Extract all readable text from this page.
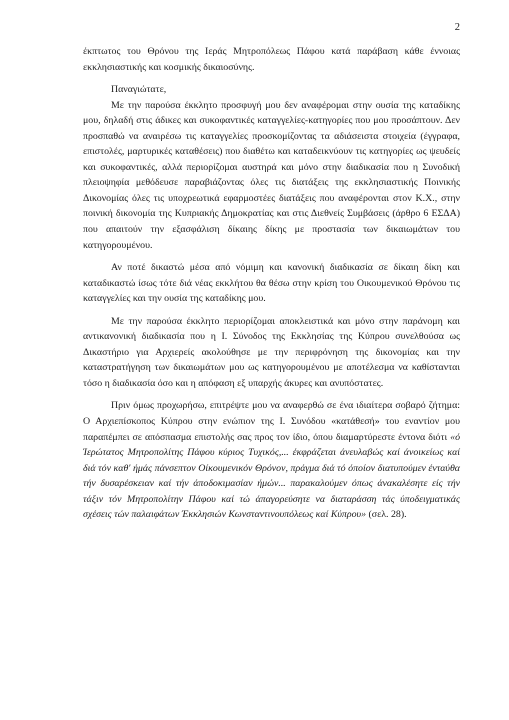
2

έκπτωτος του Θρόνου της Ιεράς Μητροπόλεως Πάφου κατά παράβαση κάθε έννοιας εκκλησιαστικής και κοσμικής δικαιοσύνης.

Παναγιώτατε,

Με την παρούσα έκκλητο προσφυγή μου δεν αναφέρομαι στην ουσία της καταδίκης μου, δηλαδή στις άδικες και συκοφαντικές καταγγελίες-κατηγορίες που μου προσάπτουν. Δεν προσπαθώ να αναιρέσω τις καταγγελίες προσκομίζοντας τα αδιάσειστα στοιχεία (έγγραφα, επιστολές, μαρτυρικές καταθέσεις) που διαθέτω και καταδεικνύουν τις κατηγορίες ως ψευδείς και συκοφαντικές, αλλά περιορίζομαι αυστηρά και μόνο στην διαδικασία που η Συνοδική πλειοψηφία μεθόδευσε παραβιάζοντας όλες τις διατάξεις της εκκλησιαστικής Ποινικής Δικονομίας όλες τις υποχρεωτικά εφαρμοστέες διατάξεις που αναφέρονται στον Κ.Χ., στην ποινική δικονομία της Κυπριακής Δημοκρατίας και στις Διεθνείς Συμβάσεις (άρθρο 6 ΕΣΔΑ) που απαιτούν την εξασφάλιση δίκαιης δίκης με προστασία των δικαιωμάτων του κατηγορουμένου.

Αν ποτέ δικαστώ μέσα από νόμιμη και κανονική διαδικασία σε δίκαιη δίκη και καταδικαστώ ίσως τότε διά νέας εκκλήτου θα θέσω στην κρίση του Οικουμενικού Θρόνου τις καταγγελίες και την ουσία της καταδίκης μου.

Με την παρούσα έκκλητο περιορίζομαι αποκλειστικά και μόνο στην παράνομη και αντικανονική διαδικασία που η Ι. Σύνοδος της Εκκλησίας της Κύπρου συνελθούσα ως Δικαστήριο για Αρχιερείς ακολούθησε με την περιφρόνηση της δικονομίας και την καταστρατήγηση των δικαιωμάτων μου ως κατηγορουμένου με αποτέλεσμα να καθίστανται τόσο η διαδικασία όσο και η απόφαση εξ υπαρχής άκυρες και ανυπόστατες.

Πριν όμως προχωρήσω, επιτρέψτε μου να αναφερθώ σε ένα ιδιαίτερα σοβαρό ζήτημα: Ο Αρχιεπίσκοπος Κύπρου στην ενώπιον της Ι. Συνόδου «κατάθεσή» του εναντίον μου παραπέμπει σε απόσπασμα επιστολής σας προς τον ίδιο, όπου διαμαρτύρεστε έντονα διότι «ό Ίερώτατος Μητροπολίτης Πάφου κύριος Τυχικός,... έκφράζεται άνευλαβώς καί άνοικείως καί διά τόν καθ' ήμάς πάνσεπτον Οίκουμενικόν Θρόνον, πράγμα διά τό όποίον διατυπούμεν ένταύθα τήν δυσαρέσκειαν καί τήν άποδοκιμασίαν ήμών... παρακαλούμεν όπως άνακαλέσητε είς τήν τάξιν τόν Μητροπολίτην Πάφου καί τώ άπαγορεύσητε να διαταράσση τάς ύποδειγματικάς σχέσεις τών παλαιφάτων Έκκλησιών Κωνσταντινουπόλεως καί Κύπρου» (σελ. 28).
